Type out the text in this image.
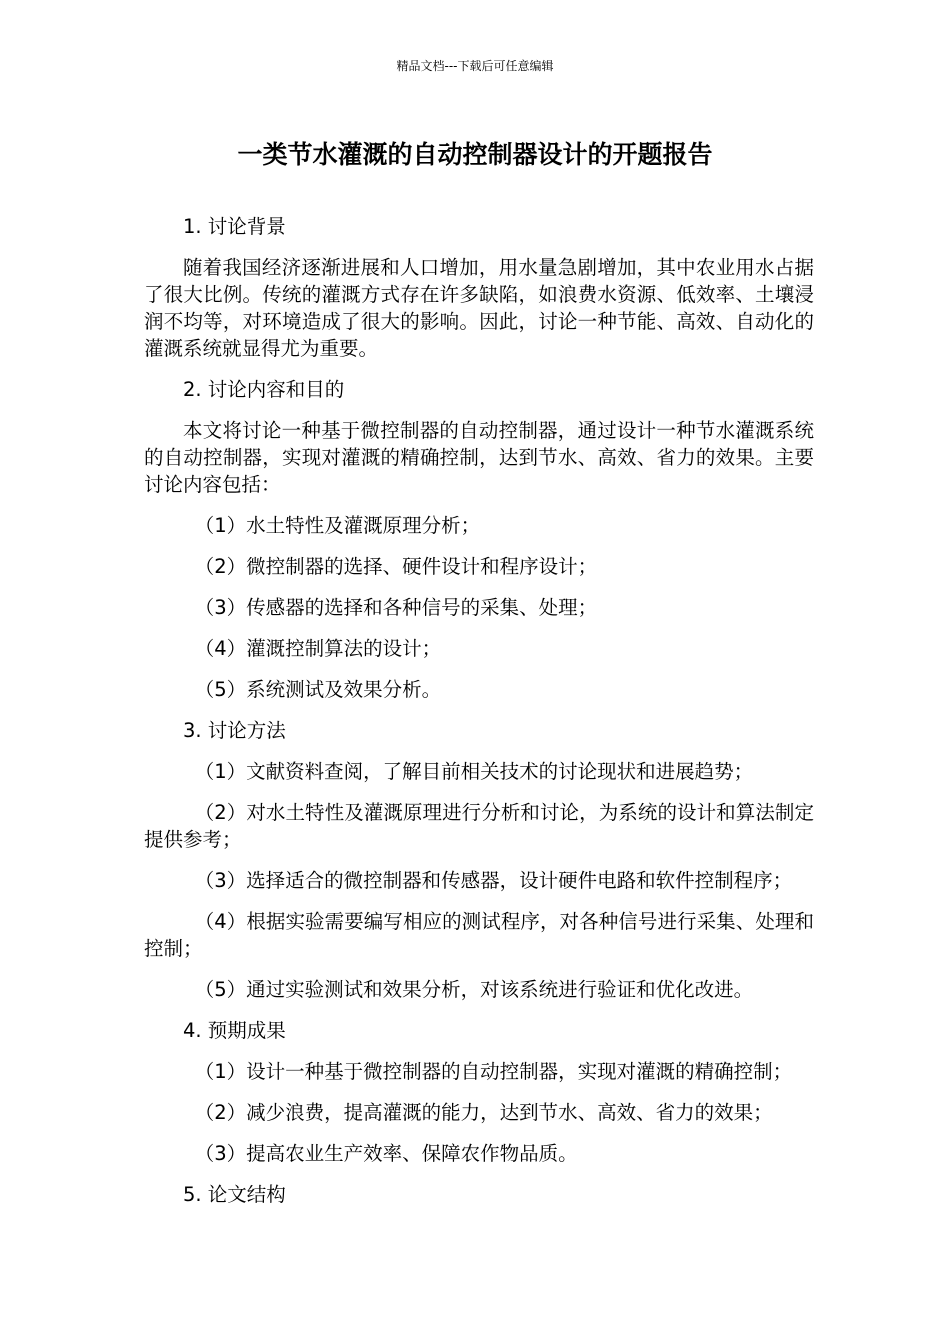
精品文档---下载后可任意编辑
一类节水灌溉的自动控制器设计的开题报告
1. 讨论背景
随着我国经济逐渐进展和人口增加，用水量急剧增加，其中农业用水占据了很大比例。传统的灌溉方式存在许多缺陷，如浪费水资源、低效率、土壤浸润不均等，对环境造成了很大的影响。因此，讨论一种节能、高效、自动化的灌溉系统就显得尤为重要。
2. 讨论内容和目的
本文将讨论一种基于微控制器的自动控制器，通过设计一种节水灌溉系统的自动控制器，实现对灌溉的精确控制，达到节水、高效、省力的效果。主要讨论内容包括：
（1）水土特性及灌溉原理分析；
（2）微控制器的选择、硬件设计和程序设计；
（3）传感器的选择和各种信号的采集、处理；
（4）灌溉控制算法的设计；
（5）系统测试及效果分析。
3. 讨论方法
（1）文献资料查阅，了解目前相关技术的讨论现状和进展趋势；
（2）对水土特性及灌溉原理进行分析和讨论，为系统的设计和算法制定提供参考；
（3）选择适合的微控制器和传感器，设计硬件电路和软件控制程序；
（4）根据实验需要编写相应的测试程序，对各种信号进行采集、处理和控制；
（5）通过实验测试和效果分析，对该系统进行验证和优化改进。
4. 预期成果
（1）设计一种基于微控制器的自动控制器，实现对灌溉的精确控制；
（2）减少浪费，提高灌溉的能力，达到节水、高效、省力的效果；
（3）提高农业生产效率、保障农作物品质。
5. 论文结构
